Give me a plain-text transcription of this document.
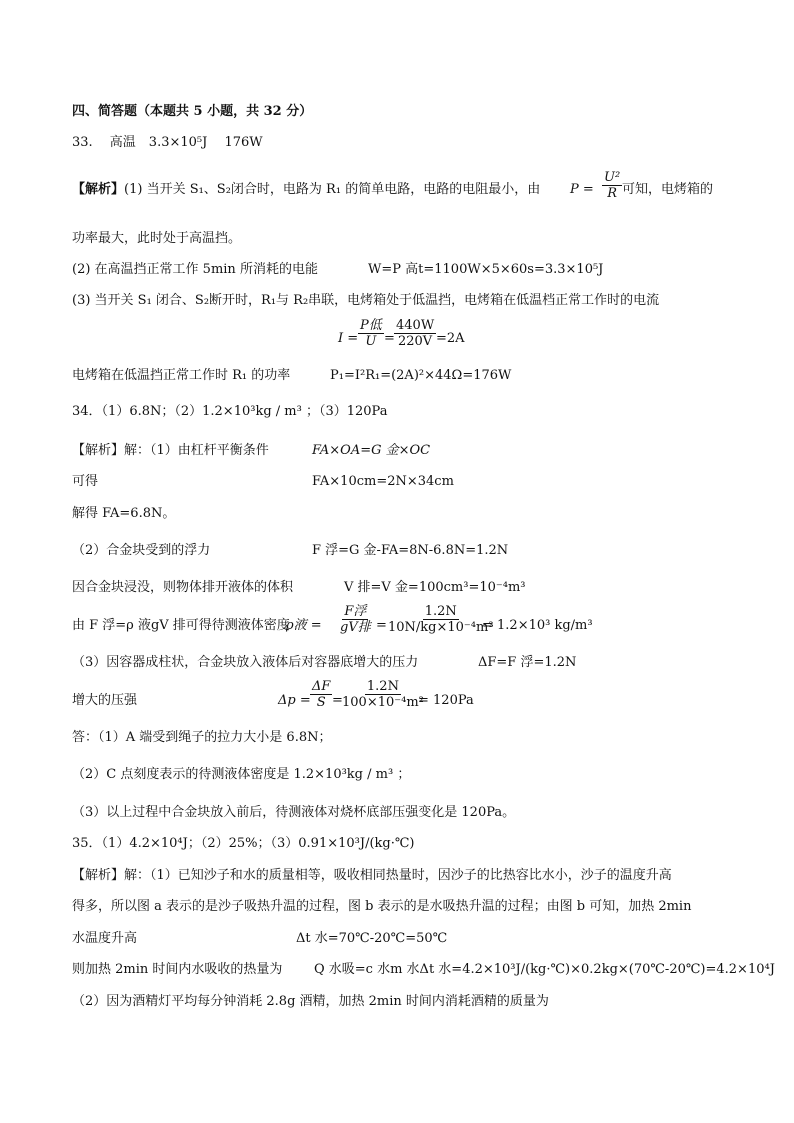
四、简答题（本题共 5 小题，共 32 分）
33.　 高温　3.3×10⁵J　 176W
【解析】(1) 当开关 S₁、S₂闭合时，电路为 R₁ 的简单电路，电路的电阻最小，由 $P = \frac{\text{U²}}{R}$ 可知，电烤箱的
功率最大，此时处于高温挡。
(2) 在高温挡正常工作 5min 所消耗的电能	W=P 高t=1100W×5×60s=3.3×10⁵J
(3) 当开关 S₁ 闭合、S₂断开时，R₁与 R₂串联，电烤箱处于低温挡，电烤箱在低温档正常工作时的电流
I =
P低
$U = \frac{440W}{220V} =2A$
电烤箱在低温挡正常工作时 R₁ 的功率	P₁=I²R₁=(2A)²×44Ω=176W
34．（1）6.8N；（2）1.2×10³kg / m³ ；（3）120Pa
【解析】解：（1）由杠杆平衡条件	FA×OA=G 金×OC
可得	FA×10cm=2N×34cm
解得 FA=6.8N。
（2）合金块受到的浮力	F 浮=G 金-FA=8N-6.8N=1.2N
因合金块浸没，则物体排开液体的体积	V 排=V 金=100cm³=10⁻⁴m³
由 F 浮=ρ 液gV 排可得待测液体密度
ρ液 =
F浮
gV排 = $\frac{1.2N}{\text{10N/kg×10⁻⁴m³}}$
= 1.2×10³ kg/m³
（3）因容器成柱状，合金块放入液体后对容器底增大的压力	ΔF=F 浮=1.2N
增大的压强	$\Delta p = \frac{\Delta F}{S}$ =
$\frac{1.2N}{\text{100×10⁻⁴m²}}$
= 120Pa
答：（1）A 端受到绳子的拉力大小是 6.8N；
（2）C 点刻度表示的待测液体密度是 1.2×10³kg / m³ ；
（3）以上过程中合金块放入前后，待测液体对烧杯底部压强变化是 120Pa。
35．（1）4.2×10⁴J；（2）25%；（3）0.91×10³J/(kg·℃)
【解析】解：（1）已知沙子和水的质量相等，吸收相同热量时，因沙子的比热容比水小，沙子的温度升高
得多，所以图 a 表示的是沙子吸热升温的过程，图 b 表示的是水吸热升温的过程；由图 b 可知，加热 2min
水温度升高	Δt 水=70℃-20℃=50℃
则加热 2min 时间内水吸收的热量为 Q 水吸=c 水m 水Δt 水=4.2×10³J/(kg·℃)×0.2kg×(70℃-20℃)=4.2×10⁴J
（2）因为酒精灯平均每分钟消耗 2.8g 酒精，加热 2min 时间内消耗酒精的质量为
